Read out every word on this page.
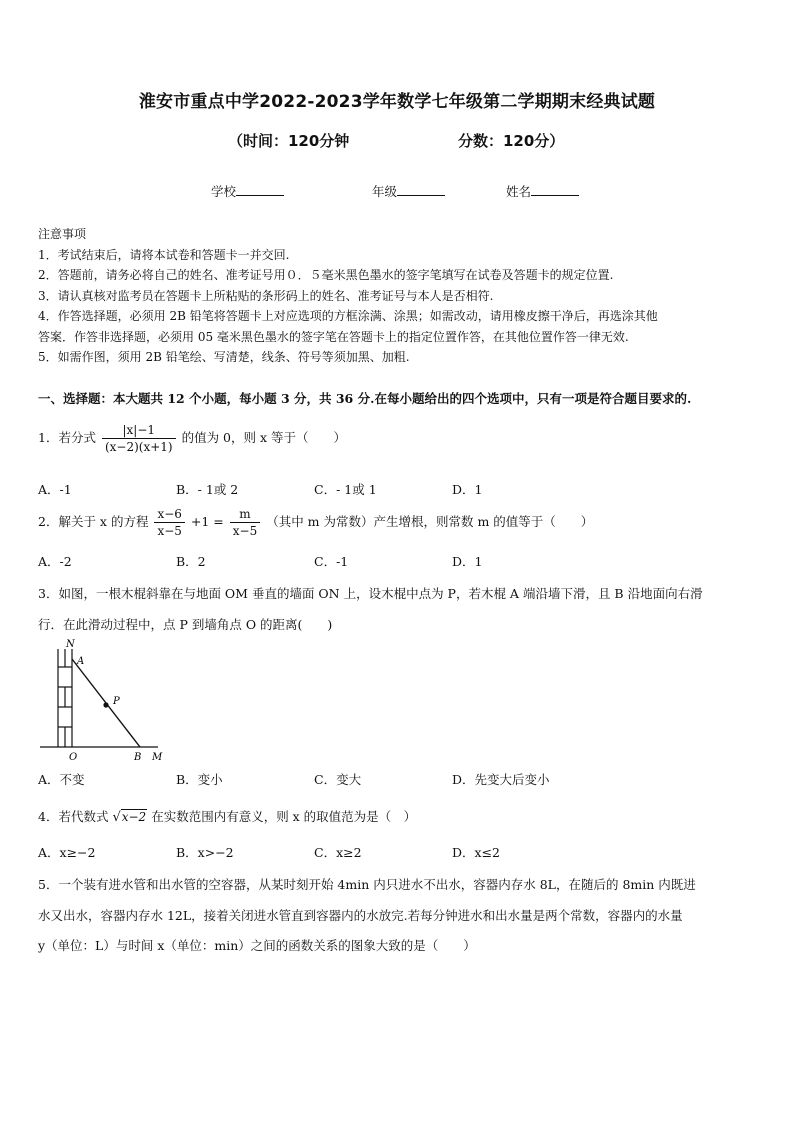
淮安市重点中学2022-2023学年数学七年级第二学期期末经典试题
（时间：120分钟	分数：120分）
学校	年级	姓名
注意事项
1．考试结束后，请将本试卷和答题卡一并交回.
2．答题前，请务必将自己的姓名、准考证号用０．５毫米黑色墨水的签字笔填写在试卷及答题卡的规定位置.
3．请认真核对监考员在答题卡上所粘贴的条形码上的姓名、准考证号与本人是否相符.
4．作答选择题，必须用 2B 铅笔将答题卡上对应选项的方框涂满、涂黑；如需改动，请用橡皮擦干净后，再选涂其他
答案．作答非选择题，必须用 05 毫米黑色墨水的签字笔在答题卡上的指定位置作答，在其他位置作答一律无效.
5．如需作图，须用 2B 铅笔绘、写清楚，线条、符号等须加黑、加粗.
一、选择题：本大题共 12 个小题，每小题 3 分，共 36 分.在每小题给出的四个选项中，只有一项是符合题目要求的.
1．若分式 $\frac{|x|-1}{(x-2)(x+1)}$ 的值为 0，则 x 等于（　　）
A．-1	B．- 1或 2	C．- 1或 1	D．1
2．解关于 x 的方程 $\frac{x-6}{x-5} +1 = \frac{m}{x-5}$ （其中 m 为常数）产生增根，则常数 m 的值等于（　　）
A．-2	B．2	C．-1	D．1
3．如图，一根木棍斜靠在与地面 OM 垂直的墙面 ON 上，设木棍中点为 P，若木棍 A 端沿墙下滑，且 B 沿地面向右滑
行．在此滑动过程中，点 P 到墙角点 O 的距离(　　)
N
A
P
O	B M
A．不变	B．变小	C．变大	D．先变大后变小
4．若代数式 √x−2 在实数范围内有意义，则 x 的取值范为是（　）
A．x≥−2	B．x>−2	C．x≥2	D．x≤2
5．一个装有进水管和出水管的空容器，从某时刻开始 4min 内只进水不出水，容器内存水 8L，在随后的 8min 内既进
水又出水，容器内存水 12L，接着关闭进水管直到容器内的水放完.若每分钟进水和出水量是两个常数，容器内的水量
y（单位：L）与时间 x（单位：min）之间的函数关系的图象大致的是（　　）
